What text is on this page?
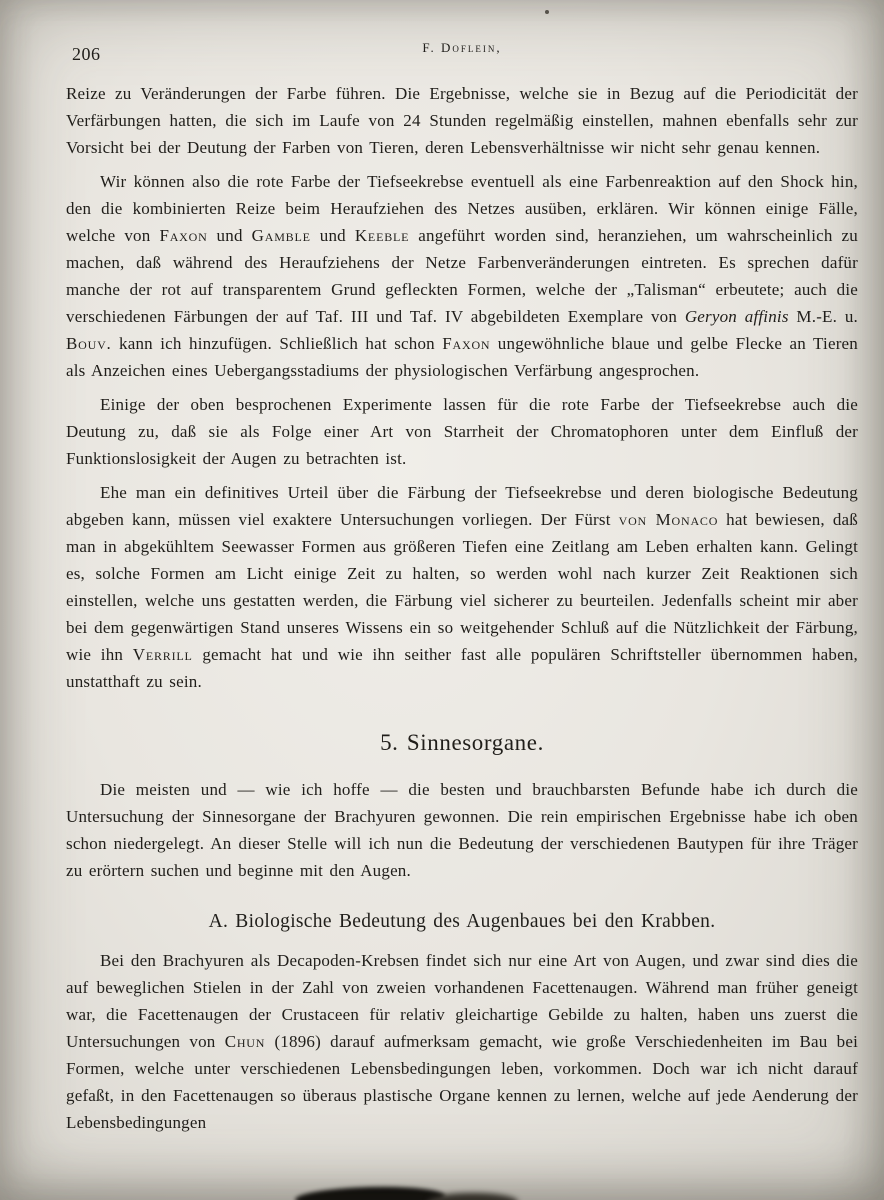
206	F. Doflein,

Reize zu Veränderungen der Farbe führen. Die Ergebnisse, welche sie in Bezug auf die Periodicität der Verfärbungen hatten, die sich im Laufe von 24 Stunden regelmäßig einstellen, mahnen ebenfalls sehr zur Vorsicht bei der Deutung der Farben von Tieren, deren Lebensverhältnisse wir nicht sehr genau kennen.

Wir können also die rote Farbe der Tiefseekrebse eventuell als eine Farbenreaktion auf den Shock hin, den die kombinierten Reize beim Heraufziehen des Netzes ausüben, erklären. Wir können einige Fälle, welche von Faxon und Gamble und Keeble angeführt worden sind, heranziehen, um wahrscheinlich zu machen, daß während des Heraufziehens der Netze Farbenveränderungen eintreten. Es sprechen dafür manche der rot auf transparentem Grund gefleckten Formen, welche der „Talisman“ erbeutete; auch die verschiedenen Färbungen der auf Taf. III und Taf. IV abgebildeten Exemplare von Geryon affinis M.-E. u. Bouv. kann ich hinzufügen. Schließlich hat schon Faxon ungewöhnliche blaue und gelbe Flecke an Tieren als Anzeichen eines Uebergangsstadiums der physiologischen Verfärbung angesprochen.

Einige der oben besprochenen Experimente lassen für die rote Farbe der Tiefseekrebse auch die Deutung zu, daß sie als Folge einer Art von Starrheit der Chromatophoren unter dem Einfluß der Funktionslosigkeit der Augen zu betrachten ist.

Ehe man ein definitives Urteil über die Färbung der Tiefseekrebse und deren biologische Bedeutung abgeben kann, müssen viel exaktere Untersuchungen vorliegen. Der Fürst von Monaco hat bewiesen, daß man in abgekühltem Seewasser Formen aus größeren Tiefen eine Zeitlang am Leben erhalten kann. Gelingt es, solche Formen am Licht einige Zeit zu halten, so werden wohl nach kurzer Zeit Reaktionen sich einstellen, welche uns gestatten werden, die Färbung viel sicherer zu beurteilen. Jedenfalls scheint mir aber bei dem gegenwärtigen Stand unseres Wissens ein so weitgehender Schluß auf die Nützlichkeit der Färbung, wie ihn Verrill gemacht hat und wie ihn seither fast alle populären Schriftsteller übernommen haben, unstatthaft zu sein.

5. Sinnesorgane.

Die meisten und — wie ich hoffe — die besten und brauchbarsten Befunde habe ich durch die Untersuchung der Sinnesorgane der Brachyuren gewonnen. Die rein empirischen Ergebnisse habe ich oben schon niedergelegt. An dieser Stelle will ich nun die Bedeutung der verschiedenen Bautypen für ihre Träger zu erörtern suchen und beginne mit den Augen.

A. Biologische Bedeutung des Augenbaues bei den Krabben.

Bei den Brachyuren als Decapoden-Krebsen findet sich nur eine Art von Augen, und zwar sind dies die auf beweglichen Stielen in der Zahl von zweien vorhandenen Facettenaugen. Während man früher geneigt war, die Facettenaugen der Crustaceen für relativ gleichartige Gebilde zu halten, haben uns zuerst die Untersuchungen von Chun (1896) darauf aufmerksam gemacht, wie große Verschiedenheiten im Bau bei Formen, welche unter verschiedenen Lebensbedingungen leben, vorkommen. Doch war ich nicht darauf gefaßt, in den Facettenaugen so überaus plastische Organe kennen zu lernen, welche auf jede Aenderung der Lebensbedingungen
